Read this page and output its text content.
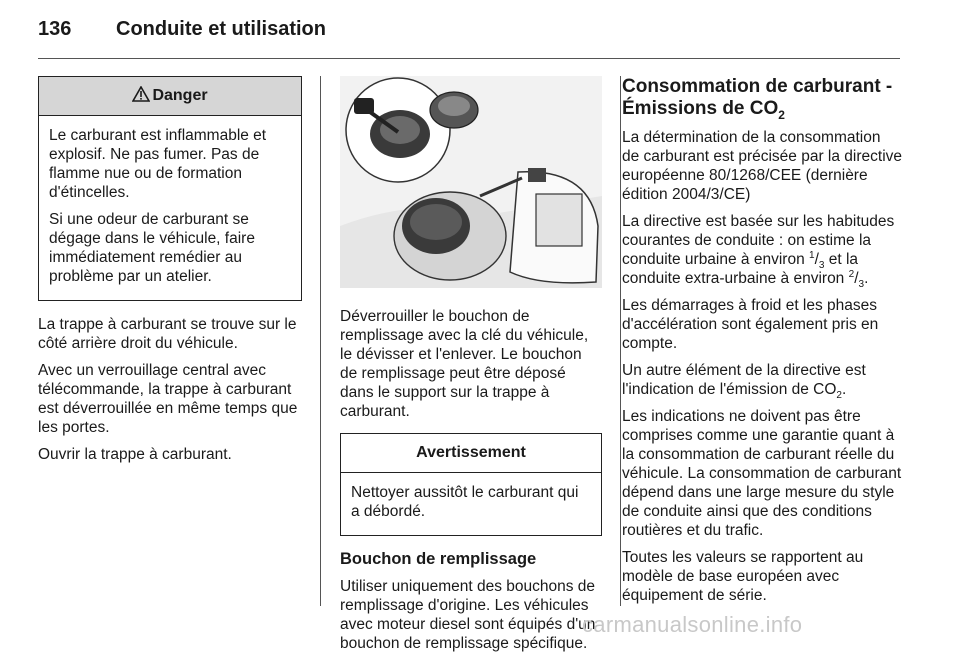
136 Conduite et utilisation
Danger

Le carburant est inflammable et explosif. Ne pas fumer. Pas de flamme nue ou de formation d'étincelles.

Si une odeur de carburant se dégage dans le véhicule, faire immédiatement remédier au problème par un atelier.

La trappe à carburant se trouve sur le côté arrière droit du véhicule.

Avec un verrouillage central avec télécommande, la trappe à carburant est déverrouillée en même temps que les portes.

Ouvrir la trappe à carburant.

Déverrouiller le bouchon de remplissage avec la clé du véhicule, le dévisser et l'enlever. Le bouchon de remplissage peut être déposé dans le support sur la trappe à carburant.

Avertissement

Nettoyer aussitôt le carburant qui a débordé.

Bouchon de remplissage

Utiliser uniquement des bouchons de remplissage d'origine. Les véhicules avec moteur diesel sont équipés d'un bouchon de remplissage spécifique.

Consommation de carburant - Émissions de $CO_2$

La détermination de la consommation de carburant est précisée par la directive européenne 80/1268/CEE (dernière édition 2004/3/CE)

La directive est basée sur les habitudes courantes de conduite : on estime la conduite urbaine à environ $^1/_3$ et la conduite extra-urbaine à environ $^2/_3$.

Les démarrages à froid et les phases d'accélération sont également pris en compte.

Un autre élément de la directive est l'indication de l'émission de $CO_2$.

Les indications ne doivent pas être comprises comme une garantie quant à la consommation de carburant réelle du véhicule. La consommation de carburant dépend dans une large mesure du style de conduite ainsi que des conditions routières et du trafic.

Toutes les valeurs se rapportent au modèle de base européen avec équipement de série.

carmanualsonline.info
